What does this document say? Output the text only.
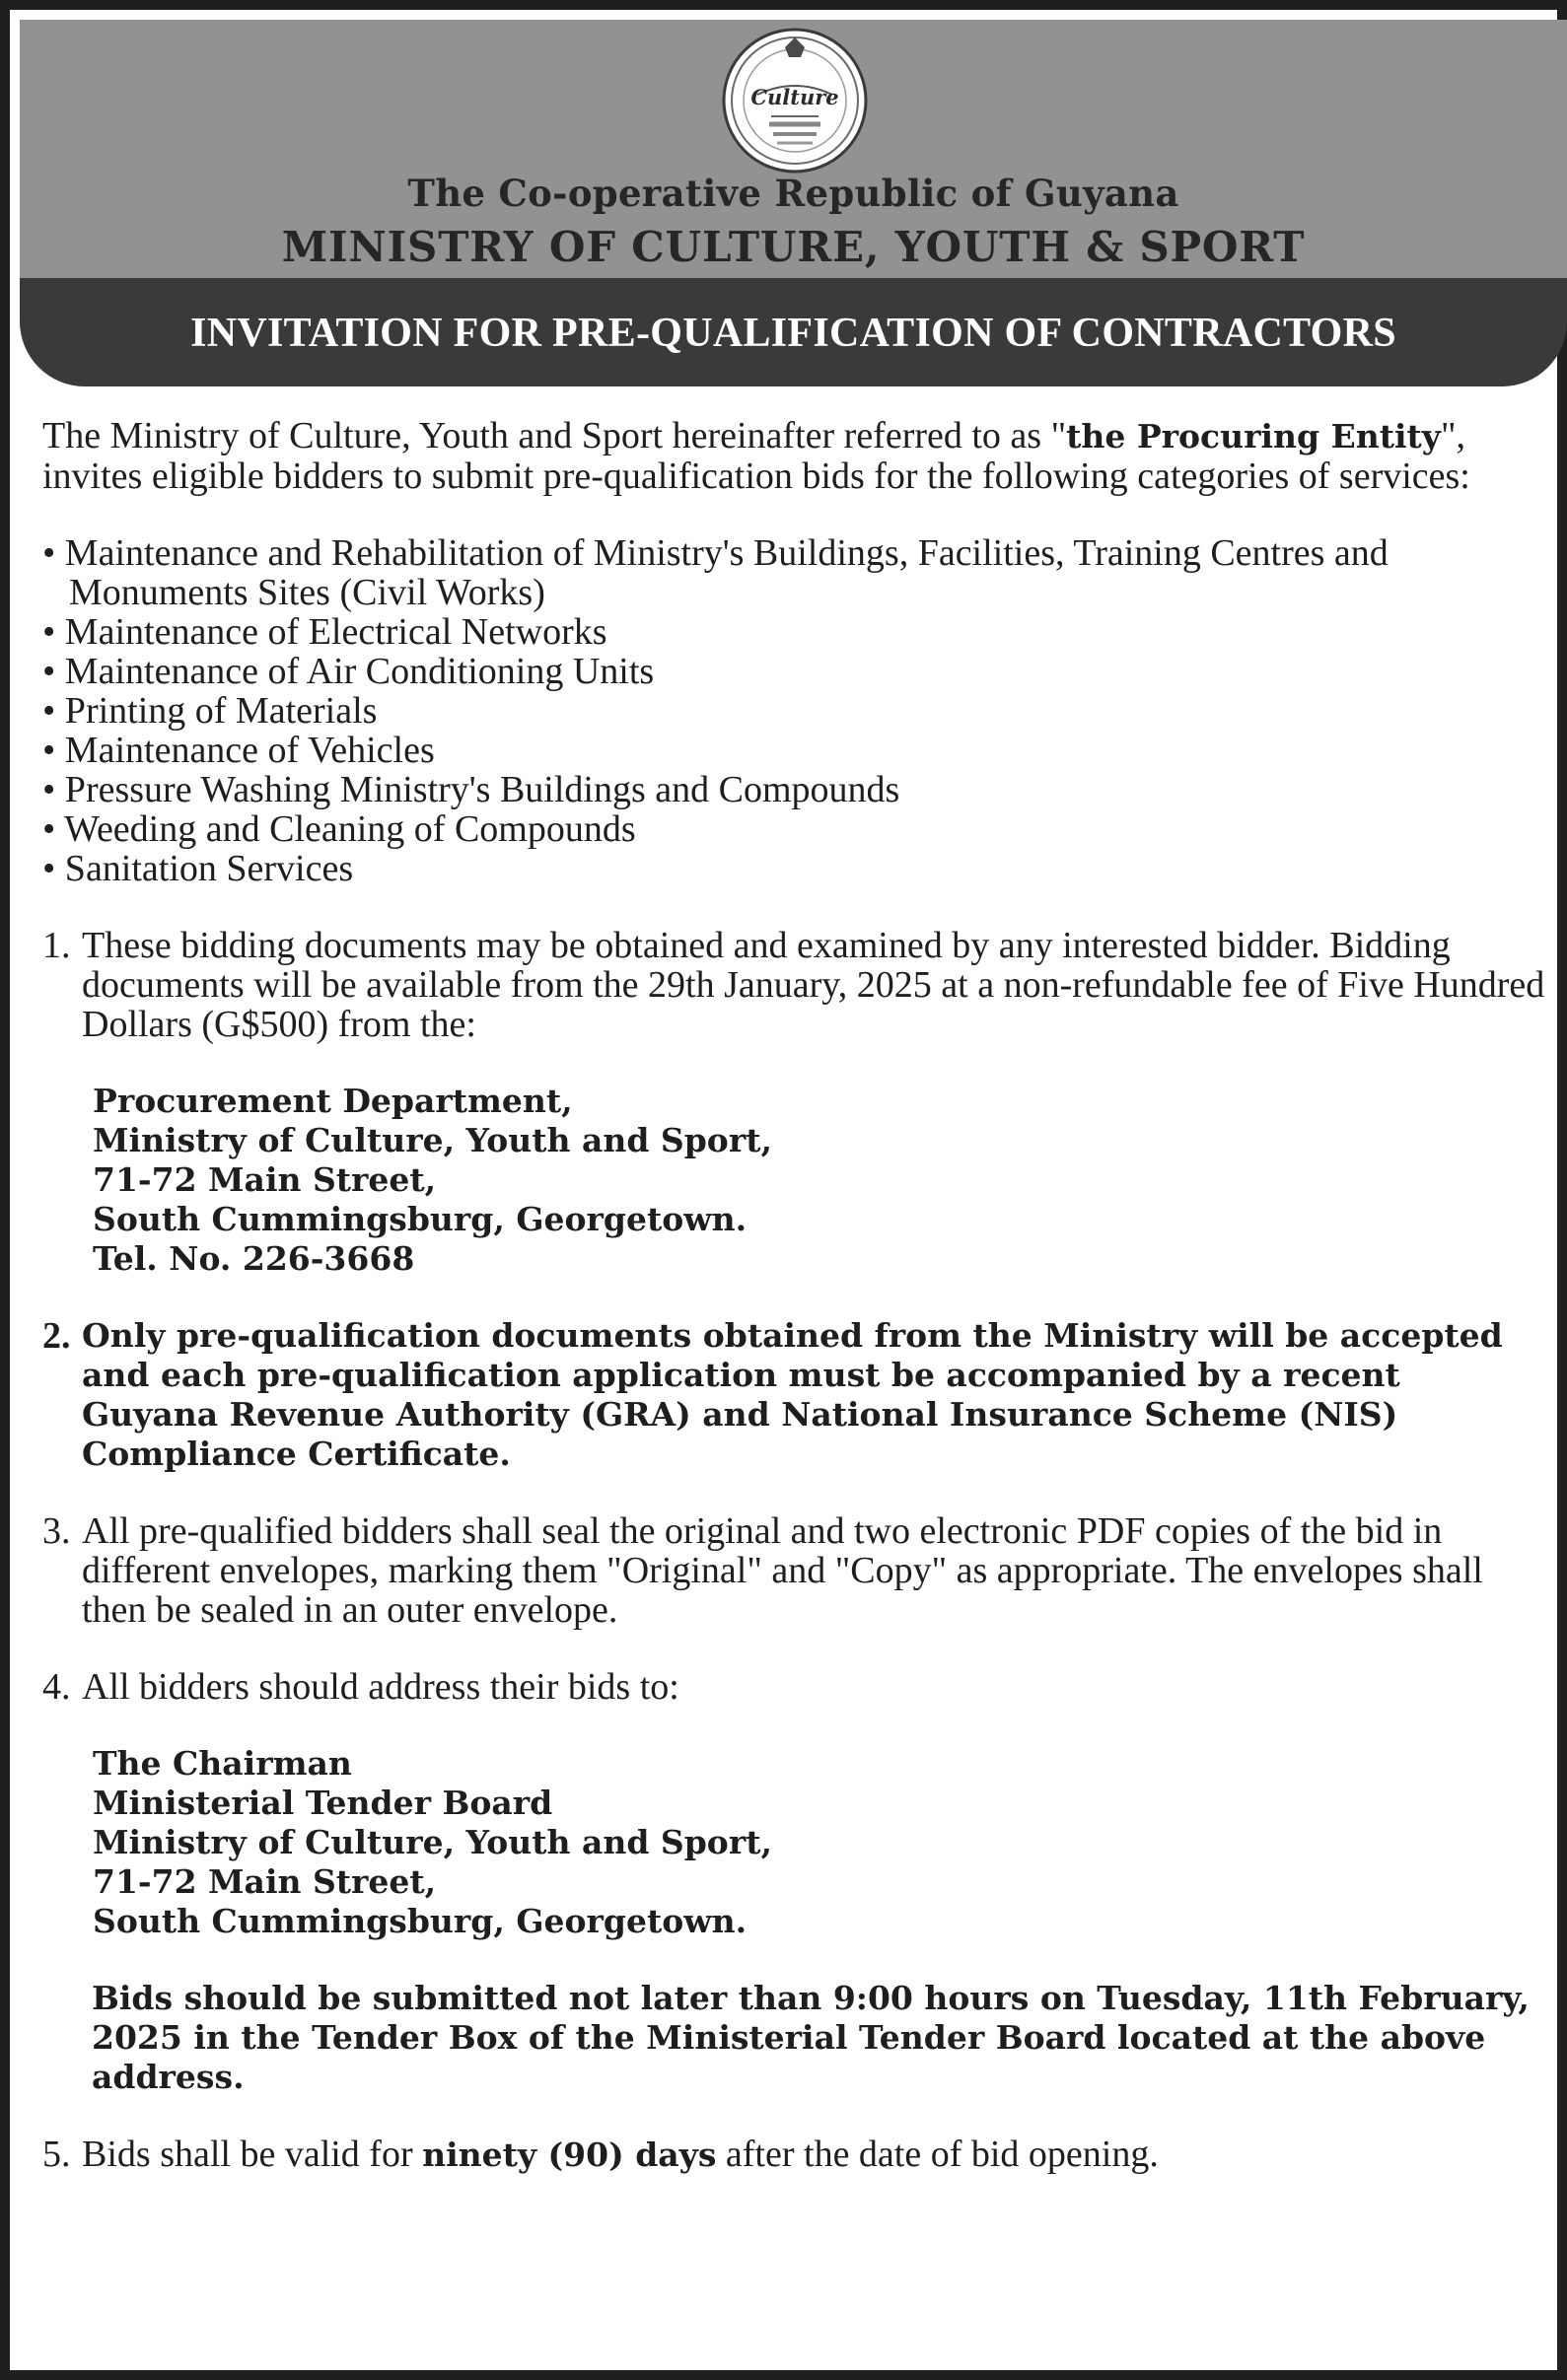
Culture
The Co-operative Republic of Guyana
MINISTRY OF CULTURE, YOUTH & SPORT
INVITATION FOR PRE-QUALIFICATION OF CONTRACTORS

The Ministry of Culture, Youth and Sport hereinafter referred to as "the Procuring Entity", invites eligible bidders to submit pre-qualification bids for the following categories of services:

• Maintenance and Rehabilitation of Ministry's Buildings, Facilities, Training Centres and Monuments Sites (Civil Works)
• Maintenance of Electrical Networks
• Maintenance of Air Conditioning Units
• Printing of Materials
• Maintenance of Vehicles
• Pressure Washing Ministry's Buildings and Compounds
• Weeding and Cleaning of Compounds
• Sanitation Services
1. These bidding documents may be obtained and examined by any interested bidder. Bidding documents will be available from the 29th January, 2025 at a non-refundable fee of Five Hundred Dollars (G$500) from the:
Procurement Department,
Ministry of Culture, Youth and Sport,
71-72 Main Street,
South Cummingsburg, Georgetown.
Tel. No. 226-3668
2. Only pre-qualification documents obtained from the Ministry will be accepted and each pre-qualification application must be accompanied by a recent Guyana Revenue Authority (GRA) and National Insurance Scheme (NIS) Compliance Certificate.
3. All pre-qualified bidders shall seal the original and two electronic PDF copies of the bid in different envelopes, marking them "Original" and "Copy" as appropriate. The envelopes shall then be sealed in an outer envelope.
4. All bidders should address their bids to:
The Chairman
Ministerial Tender Board
Ministry of Culture, Youth and Sport,
71-72 Main Street,
South Cummingsburg, Georgetown.

Bids should be submitted not later than 9:00 hours on Tuesday, 11th February, 2025 in the Tender Box of the Ministerial Tender Board located at the above address.

5. Bids shall be valid for ninety (90) days after the date of bid opening.
